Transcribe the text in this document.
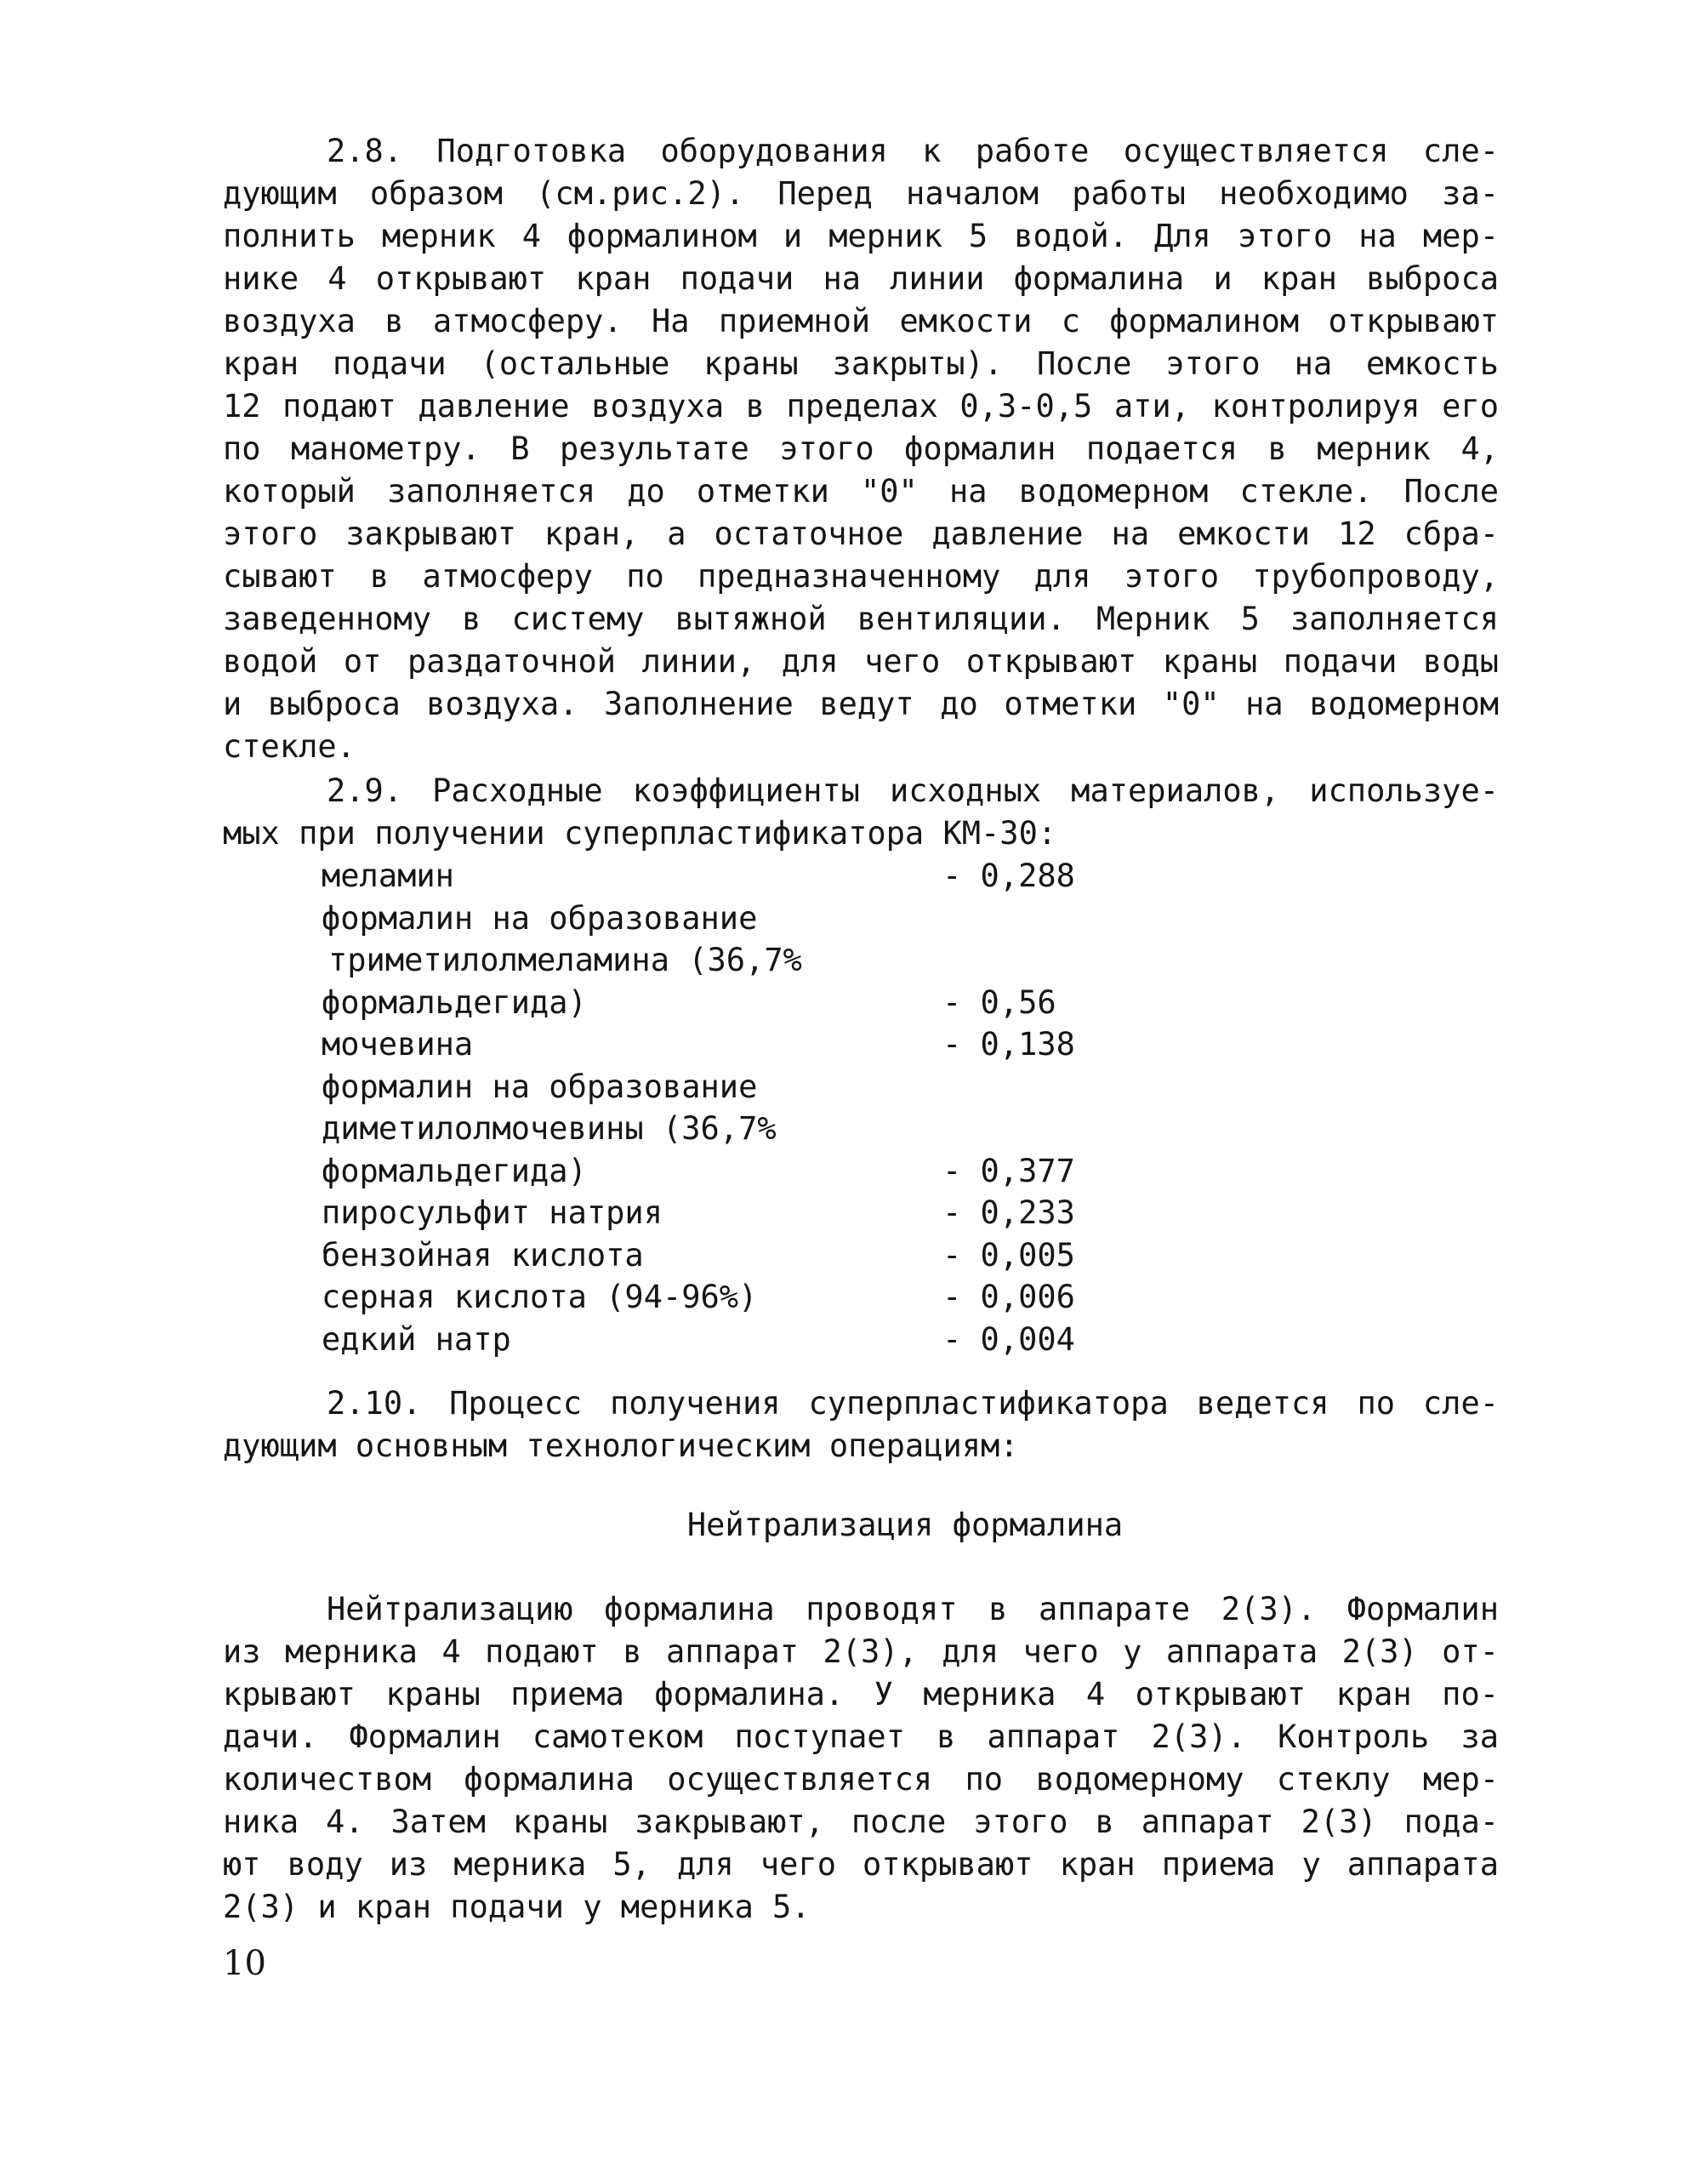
2.8. Подготовка оборудования к работе осуществляется сле-
дующим образом (см.рис.2). Перед началом работы необходимо за-
полнить мерник 4 формалином и мерник 5 водой. Для этого на мер-
нике 4 открывают кран подачи на линии формалина и кран выброса
воздуха в атмосферу. На приемной емкости с формалином открывают
кран подачи (остальные краны закрыты). После этого на емкость
12 подают давление воздуха в пределах 0,3-0,5 ати, контролируя его
по манометру. В результате этого формалин подается в мерник 4,
который заполняется до отметки "0" на водомерном стекле. После
этого закрывают кран, а остаточное давление на емкости 12 сбра-
сывают в атмосферу по предназначенному для этого трубопроводу,
заведенному в систему вытяжной вентиляции. Мерник 5 заполняется
водой от раздаточной линии, для чего открывают краны подачи воды
и выброса воздуха. Заполнение ведут до отметки "0" на водомерном
стекле.
2.9. Расходные коэффициенты исходных материалов, используе-
мых при получении суперпластификатора КМ-30:
меламин	- 0,288
формалин на образование
триметилолмеламина (36,7%
формальдегида)	- 0,56
мочевина	- 0,138
формалин на образование
диметилолмочевины (36,7%
формальдегида)	- 0,377
пиросульфит натрия	- 0,233
бензойная кислота	- 0,005
серная кислота (94-96%)	- 0,006
едкий натр	- 0,004
2.10. Процесс получения суперпластификатора ведется по сле-
дующим основным технологическим операциям:
Нейтрализация формалина
Нейтрализацию формалина проводят в аппарате 2(3). Формалин
из мерника 4 подают в аппарат 2(3), для чего у аппарата 2(3) от-
крывают краны приема формалина. У мерника 4 открывают кран по-
дачи. Формалин самотеком поступает в аппарат 2(3). Контроль за
количеством формалина осуществляется по водомерному стеклу мер-
ника 4. Затем краны закрывают, после этого в аппарат 2(3) пода-
ют воду из мерника 5, для чего открывают кран приема у аппарата
2(3) и кран подачи у мерника 5.
10
